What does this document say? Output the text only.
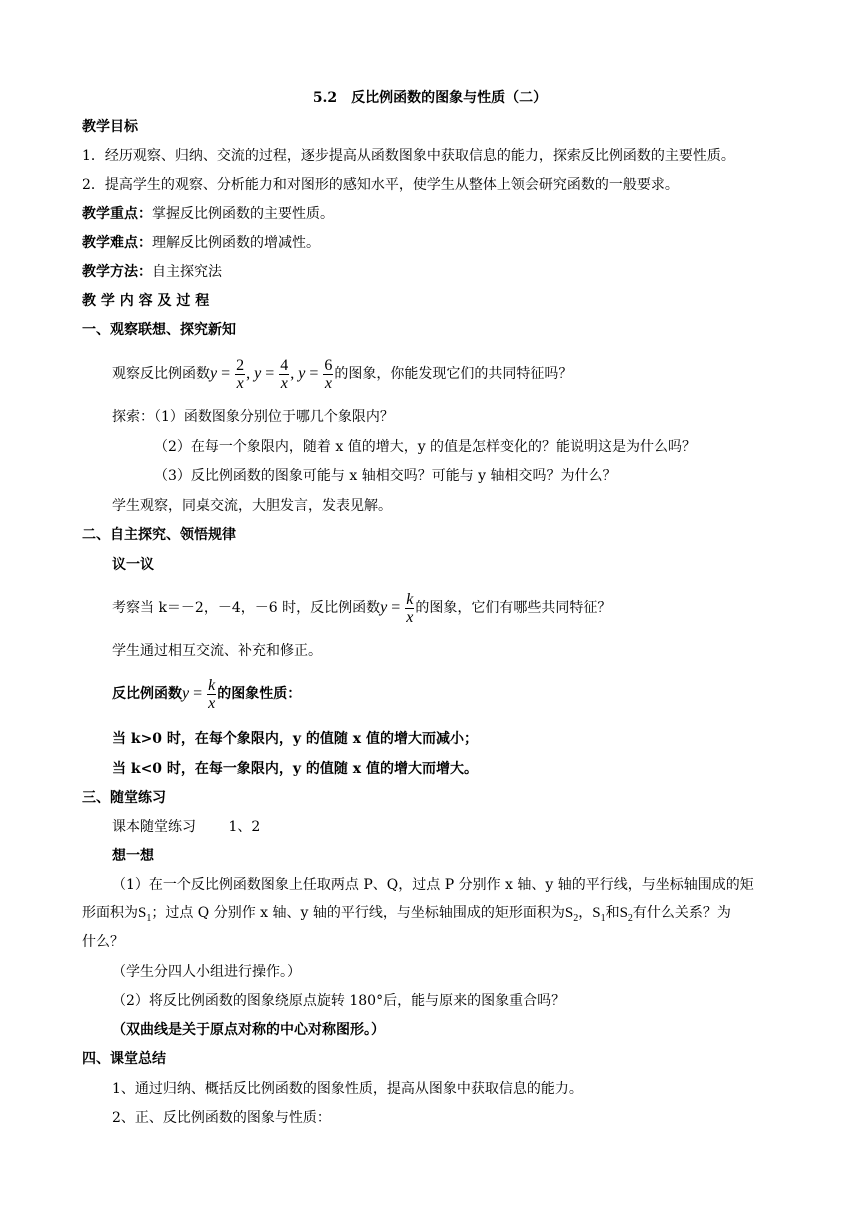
5.2　反比例函数的图象与性质（二）
教学目标
1．经历观察、归纳、交流的过程，逐步提高从函数图象中获取信息的能力，探索反比例函数的主要性质。
2．提高学生的观察、分析能力和对图形的感知水平，使学生从整体上领会研究函数的一般要求。
教学重点：掌握反比例函数的主要性质。
教学难点：理解反比例函数的增减性。
教学方法：自主探究法
教 学 内 容 及 过 程
一、观察联想、探究新知
观察反比例函数$y = \frac{2}{x}$ , $y = \frac{4}{x}$ , $y = \frac{6}{x}$ 的图象，你能发现它们的共同特征吗？
探索：（1）函数图象分别位于哪几个象限内？
（2）在每一个象限内，随着 x 值的增大，y 的值是怎样变化的？能说明这是为什么吗？
（3）反比例函数的图象可能与 x 轴相交吗？可能与 y 轴相交吗？为什么？
学生观察，同桌交流，大胆发言，发表见解。
二、自主探究、领悟规律
议一议
考察当 k＝－2，－4，－6 时，反比例函数$y = \frac{k}{x}$ 的图象，它们有哪些共同特征？
学生通过相互交流、补充和修正。
反比例函数$y = \frac{k}{x}$ 的图象性质：
当 k>0 时，在每个象限内，y 的值随 x 值的增大而减小；
当 k<0 时，在每一象限内，y 的值随 x 值的增大而增大。
三、随堂练习
课本随堂练习　　 1、2
想一想
（1）在一个反比例函数图象上任取两点 P、Q，过点 P 分别作 x 轴、y 轴的平行线，与坐标轴围成的矩
形面积为$S_1$；过点 Q 分别作 x 轴、y 轴的平行线，与坐标轴围成的矩形面积为$S_2$，$S_1$和$S_2$有什么关系？为
什么？
（学生分四人小组进行操作。）
（2）将反比例函数的图象绕原点旋转 180°后，能与原来的图象重合吗？
（双曲线是关于原点对称的中心对称图形。）
四、课堂总结
1、通过归纳、概括反比例函数的图象性质，提高从图象中获取信息的能力。
2、正、反比例函数的图象与性质：
